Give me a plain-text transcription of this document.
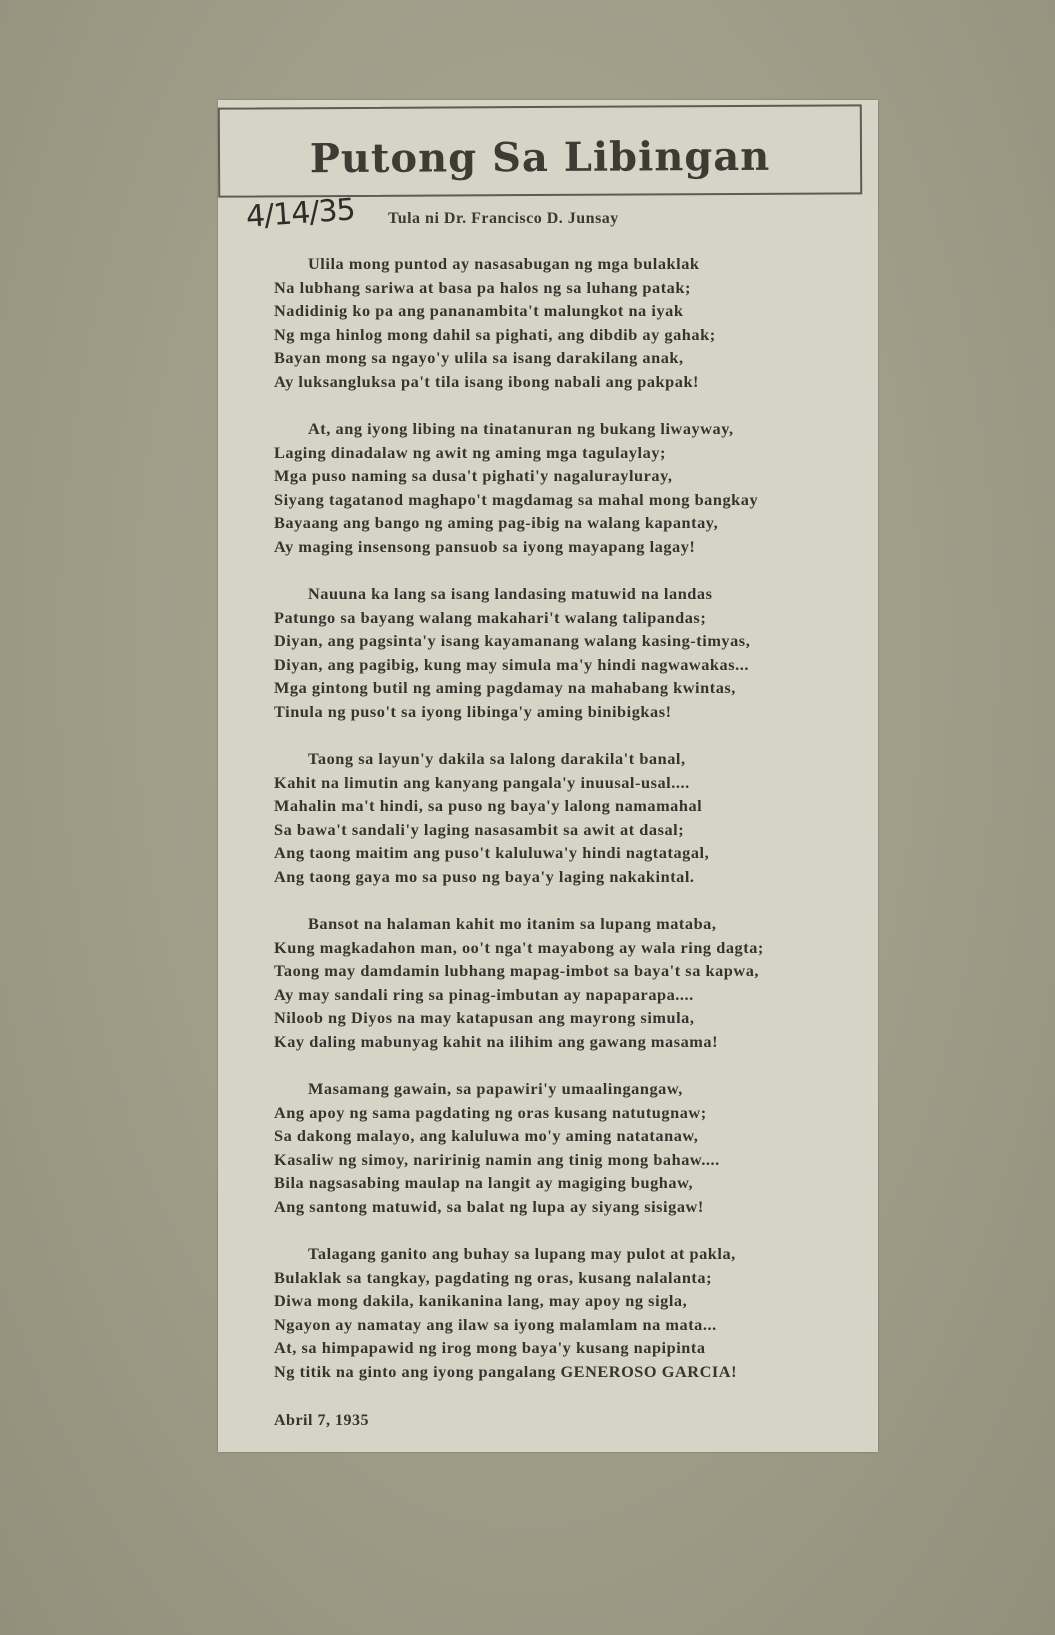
Putong Sa Libingan
4/14/35 Tula ni Dr. Francisco D. Junsay
Ulila mong puntod ay nasasabugan ng mga bulaklak
Na lubhang sariwa at basa pa halos ng sa luhang patak;
Nadidinig ko pa ang pananambita't malungkot na iyak
Ng mga hinlog mong dahil sa pighati, ang dibdib ay gahak;
Bayan mong sa ngayo'y ulila sa isang darakilang anak,
Ay luksangluksa pa't tila isang ibong nabali ang pakpak!
At, ang iyong libing na tinatanuran ng bukang liwayway,
Laging dinadalaw ng awit ng aming mga tagulaylay;
Mga puso naming sa dusa't pighati'y nagalurayluray,
Siyang tagatanod maghapo't magdamag sa mahal mong bangkay
Bayaang ang bango ng aming pag-ibig na walang kapantay,
Ay maging insensong pansuob sa iyong mayapang lagay!
Nauuna ka lang sa isang landasing matuwid na landas
Patungo sa bayang walang makahari't walang talipandas;
Diyan, ang pagsinta'y isang kayamanang walang kasing-timyas,
Diyan, ang pagibig, kung may simula ma'y hindi nagwawakas...
Mga gintong butil ng aming pagdamay na mahabang kwintas,
Tinula ng puso't sa iyong libinga'y aming binibigkas!
Taong sa layun'y dakila sa lalong darakila't banal,
Kahit na limutin ang kanyang pangala'y inuusal-usal....
Mahalin ma't hindi, sa puso ng baya'y lalong namamahal
Sa bawa't sandali'y laging nasasambit sa awit at dasal;
Ang taong maitim ang puso't kaluluwa'y hindi nagtatagal,
Ang taong gaya mo sa puso ng baya'y laging nakakintal.
Bansot na halaman kahit mo itanim sa lupang mataba,
Kung magkadahon man, oo't nga't mayabong ay wala ring dagta;
Taong may damdamin lubhang mapag-imbot sa baya't sa kapwa,
Ay may sandali ring sa pinag-imbutan ay napaparapa....
Niloob ng Diyos na may katapusan ang mayrong simula,
Kay daling mabunyag kahit na ilihim ang gawang masama!
Masamang gawain, sa papawiri'y umaalingangaw,
Ang apoy ng sama pagdating ng oras kusang natutugnaw;
Sa dakong malayo, ang kaluluwa mo'y aming natatanaw,
Kasaliw ng simoy, naririnig namin ang tinig mong bahaw....
Bila nagsasabing maulap na langit ay magiging bughaw,
Ang santong matuwid, sa balat ng lupa ay siyang sisigaw!
Talagang ganito ang buhay sa lupang may pulot at pakla,
Bulaklak sa tangkay, pagdating ng oras, kusang nalalanta;
Diwa mong dakila, kanikanina lang, may apoy ng sigla,
Ngayon ay namatay ang ilaw sa iyong malamlam na mata...
At, sa himpapawid ng irog mong baya'y kusang napipinta
Ng titik na ginto ang iyong pangalang GENEROSO GARCIA!
Abril 7, 1935
